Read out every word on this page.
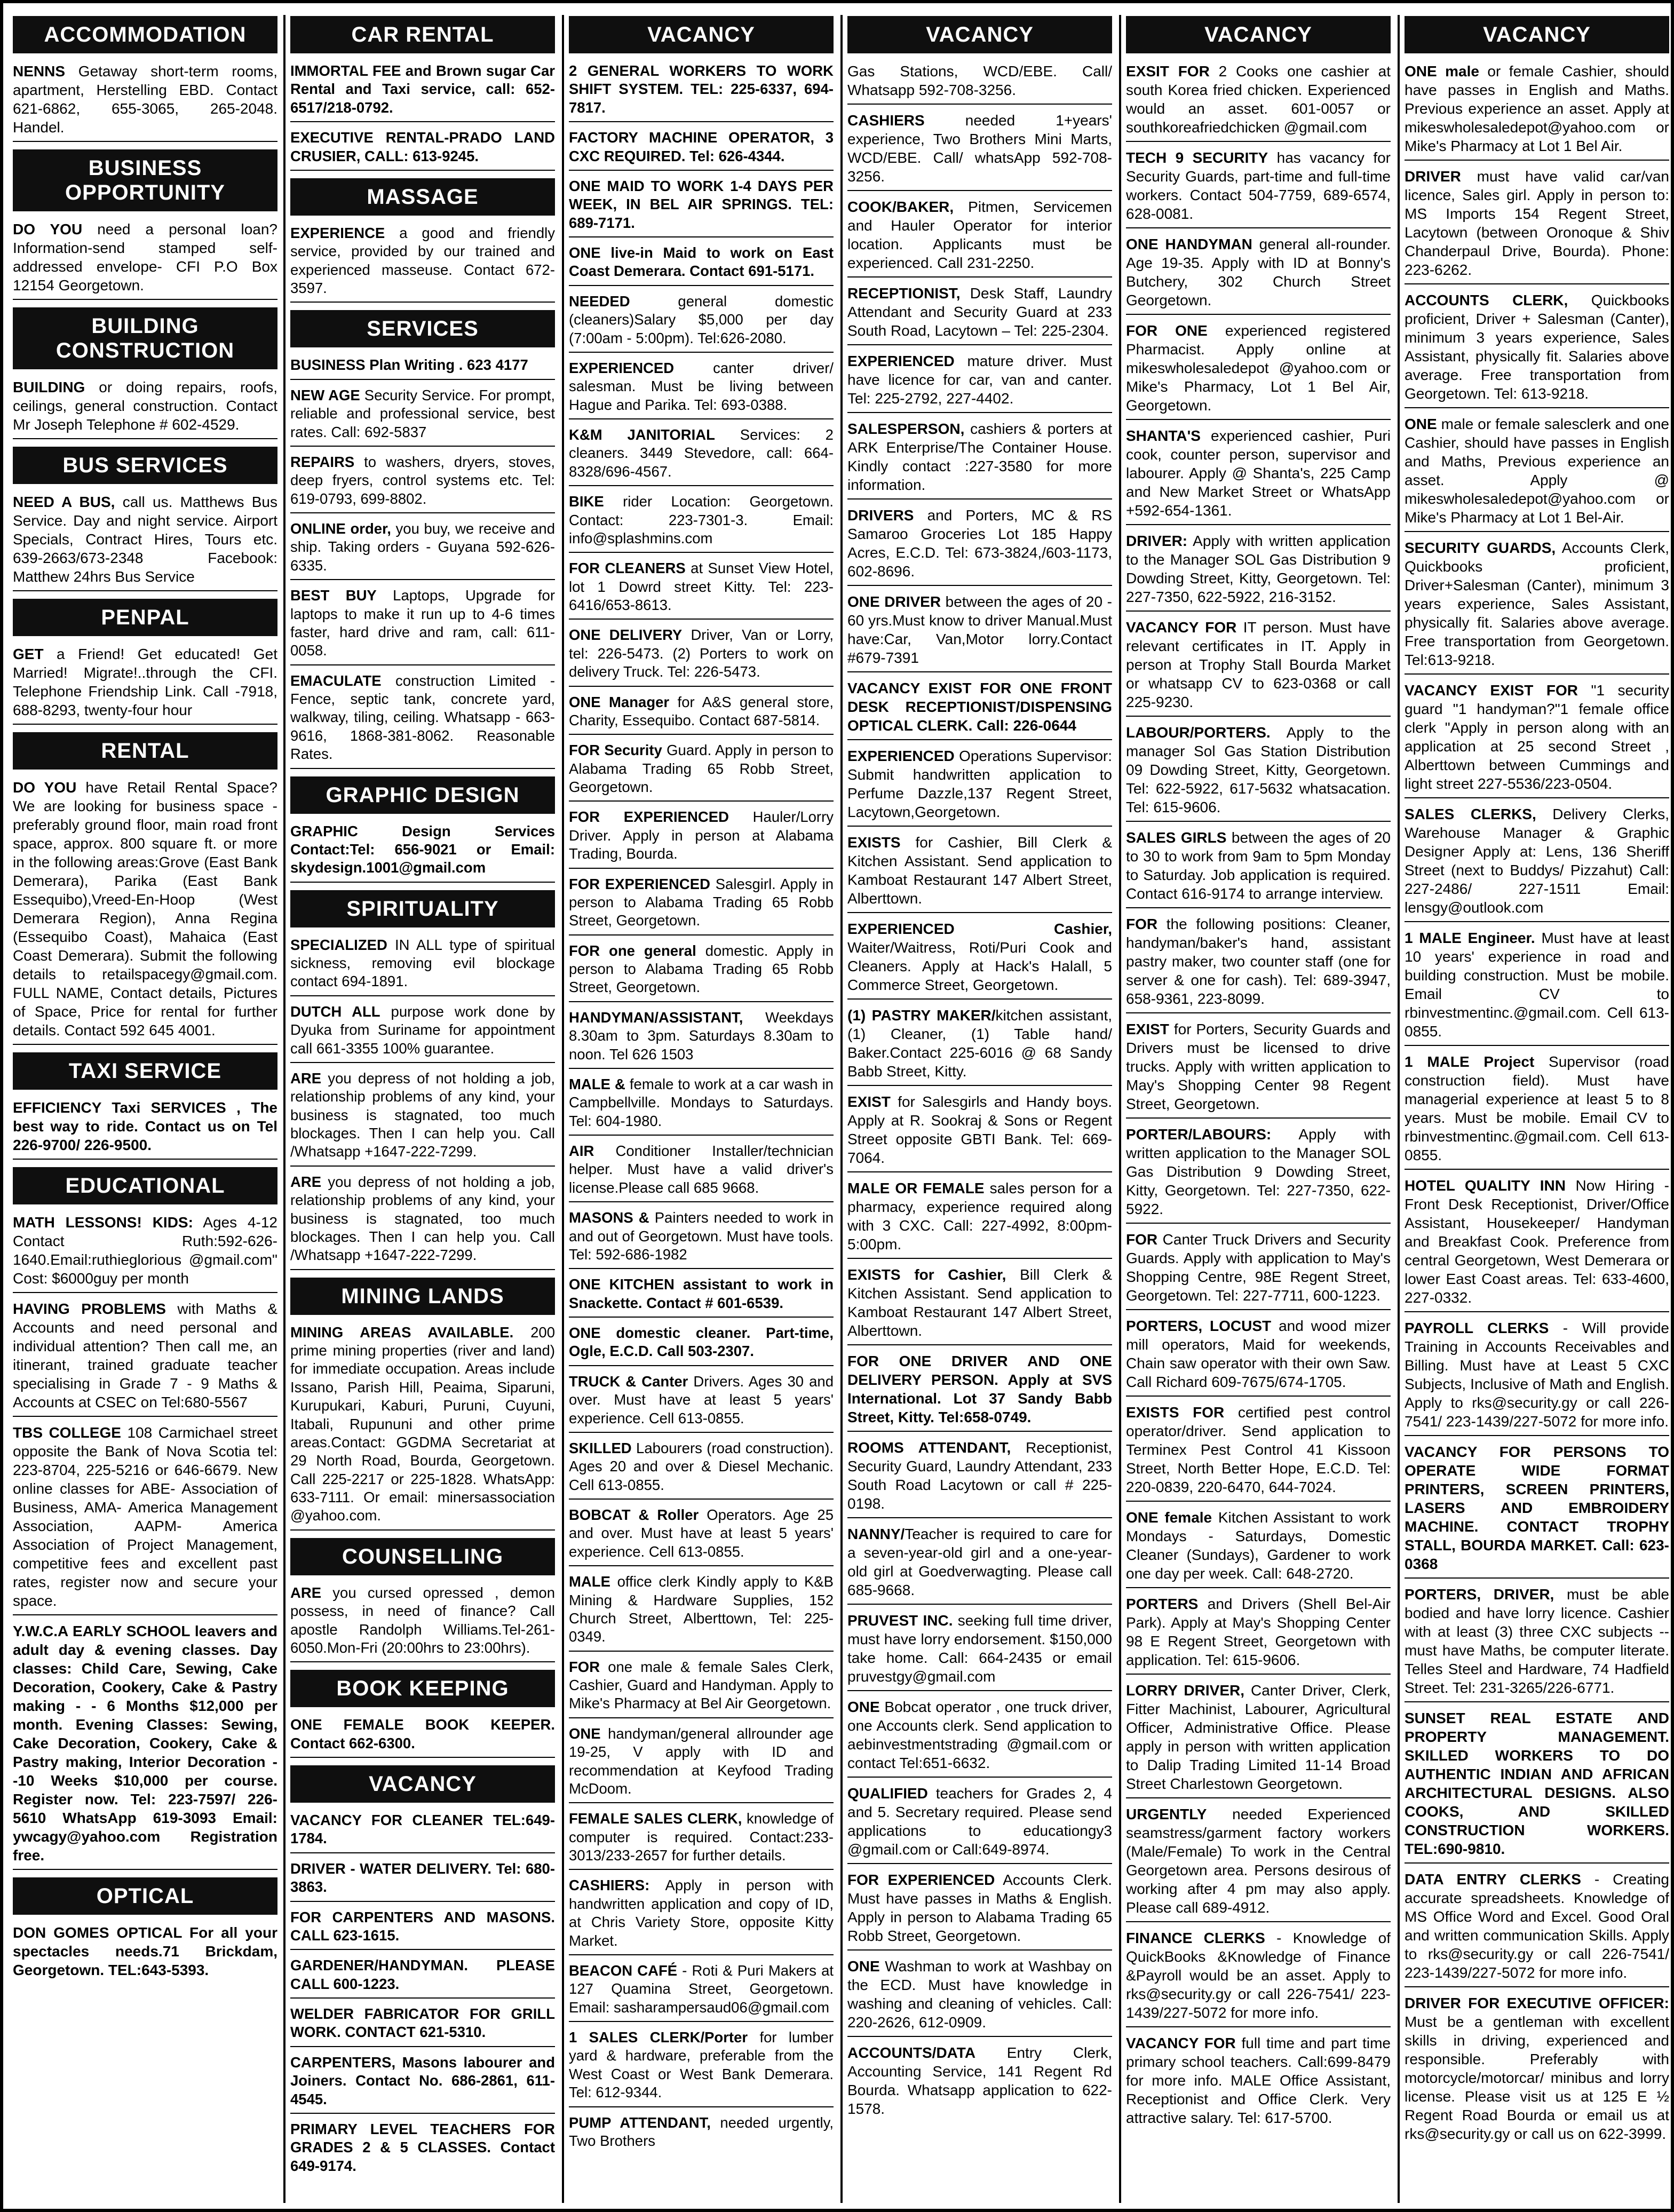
ACCOMMODATION
NENNS Getaway short-term rooms, apartment, Herstelling EBD. Contact 621-6862, 655-3065, 265-2048. Handel.
BUSINESS OPPORTUNITY
DO YOU need a personal loan? Information-send stamped self-addressed envelope- CFI P.O Box 12154 Georgetown.
BUILDING CONSTRUCTION
BUILDING or doing repairs, roofs, ceilings, general construction. Contact Mr Joseph Telephone # 602-4529.
BUS SERVICES
NEED A BUS, call us. Matthews Bus Service. Day and night service. Airport Specials, Contract Hires, Tours etc. 639-2663/673-2348 Facebook: Matthew 24hrs Bus Service
PENPAL
GET a Friend! Get educated! Get Married! Migrate!..through the CFI. Telephone Friendship Link. Call -7918, 688-8293, twenty-four hour
RENTAL
DO YOU have Retail Rental Space? We are looking for business space - preferably ground floor, main road front space, approx. 800 square ft. or more in the following areas:Grove (East Bank Demerara), Parika (East Bank Essequibo),Vreed-En-Hoop (West Demerara Region), Anna Regina (Essequibo Coast), Mahaica (East Coast Demerara). Submit the following details to retailspacegy@gmail.com. FULL NAME, Contact details, Pictures of Space, Price for rental for further details. Contact 592 645 4001.
TAXI SERVICE
EFFICIENCY Taxi SERVICES , The best way to ride. Contact us on Tel 226-9700/ 226-9500.
EDUCATIONAL
MATH LESSONS! KIDS: Ages 4-12 Contact Ruth:592-626-1640.Email:ruthieglorious @gmail.com" Cost: $6000guy per month
HAVING PROBLEMS with Maths & Accounts and need personal and individual attention? Then call me, an itinerant, trained graduate teacher specialising in Grade 7 - 9 Maths & Accounts at CSEC on Tel:680-5567
TBS COLLEGE 108 Carmichael street opposite the Bank of Nova Scotia tel: 223-8704, 225-5216 or 646-6679. New online classes for ABE- Association of Business, AMA- America Management Association, AAPM- America Association of Project Management, competitive fees and excellent past rates, register now and secure your space.
Y.W.C.A EARLY SCHOOL leavers and adult day & evening classes. Day classes: Child Care, Sewing, Cake Decoration, Cookery, Cake & Pastry making - - 6 Months $12,000 per month. Evening Classes: Sewing, Cake Decoration, Cookery, Cake & Pastry making, Interior Decoration --10 Weeks $10,000 per course. Register now. Tel: 223-7597/ 226-5610 WhatsApp 619-3093 Email: ywcagy@yahoo.com Registration free.
OPTICAL
DON GOMES OPTICAL For all your spectacles needs.71 Brickdam, Georgetown. TEL:643-5393.
CAR RENTAL
IMMORTAL FEE and Brown sugar Car Rental and Taxi service, call: 652-6517/218-0792.
EXECUTIVE RENTAL-PRADO LAND CRUSIER, CALL: 613-9245.
MASSAGE
EXPERIENCE a good and friendly service, provided by our trained and experienced masseuse. Contact 672-3597.
SERVICES
BUSINESS Plan Writing . 623 4177
NEW AGE Security Service. For prompt, reliable and professional service, best rates. Call: 692-5837
REPAIRS to washers, dryers, stoves, deep fryers, control systems etc. Tel: 619-0793, 699-8802.
ONLINE order, you buy, we receive and ship. Taking orders - Guyana 592-626-6335.
BEST BUY Laptops, Upgrade for laptops to make it run up to 4-6 times faster, hard drive and ram, call: 611-0058.
EMACULATE construction Limited - Fence, septic tank, concrete yard, walkway, tiling, ceiling. Whatsapp - 663-9616, 1868-381-8062. Reasonable Rates.
GRAPHIC DESIGN
GRAPHIC Design Services Contact:Tel: 656-9021 or Email: skydesign.1001@gmail.com
SPIRITUALITY
SPECIALIZED IN ALL type of spiritual sickness, removing evil blockage contact 694-1891.
DUTCH ALL purpose work done by Dyuka from Suriname for appointment call 661-3355 100% guarantee.
ARE you depress of not holding a job, relationship problems of any kind, your business is stagnated, too much blockages. Then I can help you. Call /Whatsapp +1647-222-7299.
ARE you depress of not holding a job, relationship problems of any kind, your business is stagnated, too much blockages. Then I can help you. Call /Whatsapp +1647-222-7299.
MINING LANDS
MINING AREAS AVAILABLE. 200 prime mining properties (river and land) for immediate occupation. Areas include Issano, Parish Hill, Peaima, Siparuni, Kurupukari, Kaburi, Puruni, Cuyuni, Itabali, Rupununi and other prime areas.Contact: GGDMA Secretariat at 29 North Road, Bourda, Georgetown. Call 225-2217 or 225-1828. WhatsApp: 633-7111. Or email: minersassociation @yahoo.com.
COUNSELLING
ARE you cursed opressed , demon possess, in need of finance? Call apostle Randolph Williams.Tel-261-6050.Mon-Fri (20:00hrs to 23:00hrs).
BOOK KEEPING
ONE FEMALE BOOK KEEPER. Contact 662-6300.
VACANCY
VACANCY FOR CLEANER TEL:649-1784.
DRIVER - WATER DELIVERY. Tel: 680-3863.
FOR CARPENTERS AND MASONS. CALL 623-1615.
GARDENER/HANDYMAN. PLEASE CALL 600-1223.
WELDER FABRICATOR FOR GRILL WORK. CONTACT 621-5310.
CARPENTERS, Masons labourer and Joiners. Contact No. 686-2861, 611-4545.
PRIMARY LEVEL TEACHERS FOR GRADES 2 & 5 CLASSES. Contact 649-9174.
VACANCY
2 GENERAL WORKERS TO WORK SHIFT SYSTEM. TEL: 225-6337, 694-7817.
FACTORY MACHINE OPERATOR, 3 CXC REQUIRED. Tel: 626-4344.
ONE MAID TO WORK 1-4 DAYS PER WEEK, IN BEL AIR SPRINGS. TEL: 689-7171.
ONE live-in Maid to work on East Coast Demerara. Contact 691-5171.
NEEDED general domestic (cleaners)Salary $5,000 per day (7:00am - 5:00pm). Tel:626-2080.
EXPERIENCED canter driver/ salesman. Must be living between Hague and Parika. Tel: 693-0388.
K&M JANITORIAL Services: 2 cleaners. 3449 Stevedore, call: 664-8328/696-4567.
BIKE rider Location: Georgetown. Contact: 223-7301-3. Email: info@splashmins.com
FOR CLEANERS at Sunset View Hotel, lot 1 Dowrd street Kitty. Tel: 223-6416/653-8613.
ONE DELIVERY Driver, Van or Lorry, tel: 226-5473. (2) Porters to work on delivery Truck. Tel: 226-5473.
ONE Manager for A&S general store, Charity, Essequibo. Contact 687-5814.
FOR Security Guard. Apply in person to Alabama Trading 65 Robb Street, Georgetown.
FOR EXPERIENCED Hauler/Lorry Driver. Apply in person at Alabama Trading, Bourda.
FOR EXPERIENCED Salesgirl. Apply in person to Alabama Trading 65 Robb Street, Georgetown.
FOR one general domestic. Apply in person to Alabama Trading 65 Robb Street, Georgetown.
HANDYMAN/ASSISTANT, Weekdays 8.30am to 3pm. Saturdays 8.30am to noon. Tel 626 1503
MALE & female to work at a car wash in Campbellville. Mondays to Saturdays. Tel: 604-1980.
AIR Conditioner Installer/technician helper. Must have a valid driver's license.Please call 685 9668.
MASONS & Painters needed to work in and out of Georgetown. Must have tools. Tel: 592-686-1982
ONE KITCHEN assistant to work in Snackette. Contact # 601-6539.
ONE domestic cleaner. Part-time, Ogle, E.C.D. Call 503-2307.
TRUCK & Canter Drivers. Ages 30 and over. Must have at least 5 years' experience. Cell 613-0855.
SKILLED Labourers (road construction). Ages 20 and over & Diesel Mechanic. Cell 613-0855.
BOBCAT & Roller Operators. Age 25 and over. Must have at least 5 years' experience. Cell 613-0855.
MALE office clerk Kindly apply to K&B Mining & Hardware Supplies, 152 Church Street, Alberttown, Tel: 225-0349.
FOR one male & female Sales Clerk, Cashier, Guard and Handyman. Apply to Mike's Pharmacy at Bel Air Georgetown.
ONE handyman/general allrounder age 19-25, V apply with ID and recommendation at Keyfood Trading McDoom.
FEMALE SALES CLERK, knowledge of computer is required. Contact:233-3013/233-2657 for further details.
CASHIERS: Apply in person with handwritten application and copy of ID, at Chris Variety Store, opposite Kitty Market.
BEACON CAFÉ - Roti & Puri Makers at 127 Quamina Street, Georgetown. Email: sasharampersaud06@gmail.com
1 SALES CLERK/Porter for lumber yard & hardware, preferable from the West Coast or West Bank Demerara. Tel: 612-9344.
PUMP ATTENDANT, needed urgently, Two Brothers
VACANCY
Gas Stations, WCD/EBE. Call/ Whatsapp 592-708-3256.
CASHIERS needed 1+years' experience, Two Brothers Mini Marts, WCD/EBE. Call/ whatsApp 592-708-3256.
COOK/BAKER, Pitmen, Servicemen and Hauler Operator for interior location. Applicants must be experienced. Call 231-2250.
RECEPTIONIST, Desk Staff, Laundry Attendant and Security Guard at 233 South Road, Lacytown – Tel: 225-2304.
EXPERIENCED mature driver. Must have licence for car, van and canter. Tel: 225-2792, 227-4402.
SALESPERSON, cashiers & porters at ARK Enterprise/The Container House. Kindly contact :227-3580 for more information.
DRIVERS and Porters, MC & RS Samaroo Groceries Lot 185 Happy Acres, E.C.D. Tel: 673-3824,/603-1173, 602-8696.
ONE DRIVER between the ages of 20 - 60 yrs.Must know to driver Manual.Must have:Car, Van,Motor lorry.Contact #679-7391
VACANCY EXIST FOR ONE FRONT DESK RECEPTIONIST/DISPENSING OPTICAL CLERK. Call: 226-0644
EXPERIENCED Operations Supervisor: Submit handwritten application to Perfume Dazzle,137 Regent Street, Lacytown,Georgetown.
EXISTS for Cashier, Bill Clerk & Kitchen Assistant. Send application to Kamboat Restaurant 147 Albert Street, Alberttown.
EXPERIENCED Cashier, Waiter/Waitress, Roti/Puri Cook and Cleaners. Apply at Hack's Halall, 5 Commerce Street, Georgetown.
(1) PASTRY MAKER/kitchen assistant,(1) Cleaner, (1) Table hand/ Baker.Contact 225-6016 @ 68 Sandy Babb Street, Kitty.
EXIST for Salesgirls and Handy boys. Apply at R. Sookraj & Sons or Regent Street opposite GBTI Bank. Tel: 669-7064.
MALE OR FEMALE sales person for a pharmacy, experience required along with 3 CXC. Call: 227-4992, 8:00pm-5:00pm.
EXISTS for Cashier, Bill Clerk & Kitchen Assistant. Send application to Kamboat Restaurant 147 Albert Street, Alberttown.
FOR ONE DRIVER AND ONE DELIVERY PERSON. Apply at SVS International. Lot 37 Sandy Babb Street, Kitty. Tel:658-0749.
ROOMS ATTENDANT, Receptionist, Security Guard, Laundry Attendant, 233 South Road Lacytown or call # 225-0198.
NANNY/Teacher is required to care for a seven-year-old girl and a one-year-old girl at Goedverwagting. Please call 685-9668.
PRUVEST INC. seeking full time driver, must have lorry endorsement. $150,000 take home. Call: 664-2435 or email pruvestgy@gmail.com
ONE Bobcat operator , one truck driver, one Accounts clerk. Send application to aebinvestmentstrading @gmail.com or contact Tel:651-6632.
QUALIFIED teachers for Grades 2, 4 and 5. Secretary required. Please send applications to educationgy3 @gmail.com or Call:649-8974.
FOR EXPERIENCED Accounts Clerk. Must have passes in Maths & English. Apply in person to Alabama Trading 65 Robb Street, Georgetown.
ONE Washman to work at Washbay on the ECD. Must have knowledge in washing and cleaning of vehicles. Call: 220-2626, 612-0909.
ACCOUNTS/DATA Entry Clerk, Accounting Service, 141 Regent Rd Bourda. Whatsapp application to 622-1578.
VACANCY
EXSIT FOR 2 Cooks one cashier at south Korea fried chicken. Experienced would an asset. 601-0057 or southkoreafriedchicken @gmail.com
TECH 9 SECURITY has vacancy for Security Guards, part-time and full-time workers. Contact 504-7759, 689-6574, 628-0081.
ONE HANDYMAN general all-rounder. Age 19-35. Apply with ID at Bonny's Butchery, 302 Church Street Georgetown.
FOR ONE experienced registered Pharmacist. Apply online at mikeswholesaledepot @yahoo.com or Mike's Pharmacy, Lot 1 Bel Air, Georgetown.
SHANTA'S experienced cashier, Puri cook, counter person, supervisor and labourer. Apply @ Shanta's, 225 Camp and New Market Street or WhatsApp +592-654-1361.
DRIVER: Apply with written application to the Manager SOL Gas Distribution 9 Dowding Street, Kitty, Georgetown. Tel: 227-7350, 622-5922, 216-3152.
VACANCY FOR IT person. Must have relevant certificates in IT. Apply in person at Trophy Stall Bourda Market or whatsapp CV to 623-0368 or call 225-9230.
LABOUR/PORTERS. Apply to the manager Sol Gas Station Distribution 09 Dowding Street, Kitty, Georgetown. Tel: 622-5922, 617-5632 whatsacation. Tel: 615-9606.
SALES GIRLS between the ages of 20 to 30 to work from 9am to 5pm Monday to Saturday. Job application is required. Contact 616-9174 to arrange interview.
FOR the following positions: Cleaner, handyman/baker's hand, assistant pastry maker, two counter staff (one for server & one for cash). Tel: 689-3947, 658-9361, 223-8099.
EXIST for Porters, Security Guards and Drivers must be licensed to drive trucks. Apply with written application to May's Shopping Center 98 Regent Street, Georgetown.
PORTER/LABOURS: Apply with written application to the Manager SOL Gas Distribution 9 Dowding Street, Kitty, Georgetown. Tel: 227-7350, 622-5922.
FOR Canter Truck Drivers and Security Guards. Apply with application to May's Shopping Centre, 98E Regent Street, Georgetown. Tel: 227-7711, 600-1223.
PORTERS, LOCUST and wood mizer mill operators, Maid for weekends, Chain saw operator with their own Saw. Call Richard 609-7675/674-1705.
EXISTS FOR certified pest control operator/driver. Send application to Terminex Pest Control 41 Kissoon Street, North Better Hope, E.C.D. Tel: 220-0839, 220-6470, 644-7024.
ONE female Kitchen Assistant to work Mondays - Saturdays, Domestic Cleaner (Sundays), Gardener to work one day per week. Call: 648-2720.
PORTERS and Drivers (Shell Bel-Air Park). Apply at May's Shopping Center 98 E Regent Street, Georgetown with application. Tel: 615-9606.
LORRY DRIVER, Canter Driver, Clerk, Fitter Machinist, Labourer, Agricultural Officer, Administrative Office. Please apply in person with written application to Dalip Trading Limited 11-14 Broad Street Charlestown Georgetown.
URGENTLY needed Experienced seamstress/garment factory workers (Male/Female) To work in the Central Georgetown area. Persons desirous of working after 4 pm may also apply. Please call 689-4912.
FINANCE CLERKS - Knowledge of QuickBooks &Knowledge of Finance &Payroll would be an asset. Apply to rks@security.gy or call 226-7541/ 223-1439/227-5072 for more info.
VACANCY FOR full time and part time primary school teachers. Call:699-8479 for more info. MALE Office Assistant, Receptionist and Office Clerk. Very attractive salary. Tel: 617-5700.
VACANCY
ONE male or female Cashier, should have passes in English and Maths. Previous experience an asset. Apply at mikeswholesaledepot@yahoo.com or Mike's Pharmacy at Lot 1 Bel Air.
DRIVER must have valid car/van licence, Sales girl. Apply in person to: MS Imports 154 Regent Street, Lacytown (between Oronoque & Shiv Chanderpaul Drive, Bourda). Phone: 223-6262.
ACCOUNTS CLERK, Quickbooks proficient, Driver + Salesman (Canter), minimum 3 years experience, Sales Assistant, physically fit. Salaries above average. Free transportation from Georgetown. Tel: 613-9218.
ONE male or female salesclerk and one Cashier, should have passes in English and Maths, Previous experience an asset. Apply @ mikeswholesaledepot@yahoo.com or Mike's Pharmacy at Lot 1 Bel-Air.
SECURITY GUARDS, Accounts Clerk, Quickbooks proficient, Driver+Salesman (Canter), minimum 3 years experience, Sales Assistant, physically fit. Salaries above average. Free transportation from Georgetown. Tel:613-9218.
VACANCY EXIST FOR "1 security guard "1 handyman?"1 female office clerk "Apply in person along with an application at 25 second Street , Alberttown between Cummings and light street 227-5536/223-0504.
SALES CLERKS, Delivery Clerks, Warehouse Manager & Graphic Designer Apply at: Lens, 136 Sheriff Street (next to Buddys/ Pizzahut) Call: 227-2486/ 227-1511 Email: lensgy@outlook.com
1 MALE Engineer. Must have at least 10 years' experience in road and building construction. Must be mobile. Email CV to rbinvestmentinc.@gmail.com. Cell 613-0855.
1 MALE Project Supervisor (road construction field). Must have managerial experience at least 5 to 8 years. Must be mobile. Email CV to rbinvestmentinc.@gmail.com. Cell 613-0855.
HOTEL QUALITY INN Now Hiring - Front Desk Receptionist, Driver/Office Assistant, Housekeeper/ Handyman and Breakfast Cook. Preference from central Georgetown, West Demerara or lower East Coast areas. Tel: 633-4600, 227-0332.
PAYROLL CLERKS - Will provide Training in Accounts Receivables and Billing. Must have at Least 5 CXC Subjects, Inclusive of Math and English. Apply to rks@security.gy or call 226-7541/ 223-1439/227-5072 for more info.
VACANCY FOR PERSONS TO OPERATE WIDE FORMAT PRINTERS, SCREEN PRINTERS, LASERS AND EMBROIDERY MACHINE. CONTACT TROPHY STALL, BOURDA MARKET. Call: 623-0368
PORTERS, DRIVER, must be able bodied and have lorry licence. Cashier with at least (3) three CXC subjects -- must have Maths, be computer literate. Telles Steel and Hardware, 74 Hadfield Street. Tel: 231-3265/226-6771.
SUNSET REAL ESTATE AND PROPERTY MANAGEMENT. SKILLED WORKERS TO DO AUTHENTIC INDIAN AND AFRICAN ARCHITECTURAL DESIGNS. ALSO COOKS, AND SKILLED CONSTRUCTION WORKERS. TEL:690-9810.
DATA ENTRY CLERKS - Creating accurate spreadsheets. Knowledge of MS Office Word and Excel. Good Oral and written communication Skills. Apply to rks@security.gy or call 226-7541/ 223-1439/227-5072 for more info.
DRIVER FOR EXECUTIVE OFFICER: Must be a gentleman with excellent skills in driving, experienced and responsible. Preferably with motorcycle/motorcar/ minibus and lorry license. Please visit us at 125 E ½ Regent Road Bourda or email us at rks@security.gy or call us on 622-3999.
